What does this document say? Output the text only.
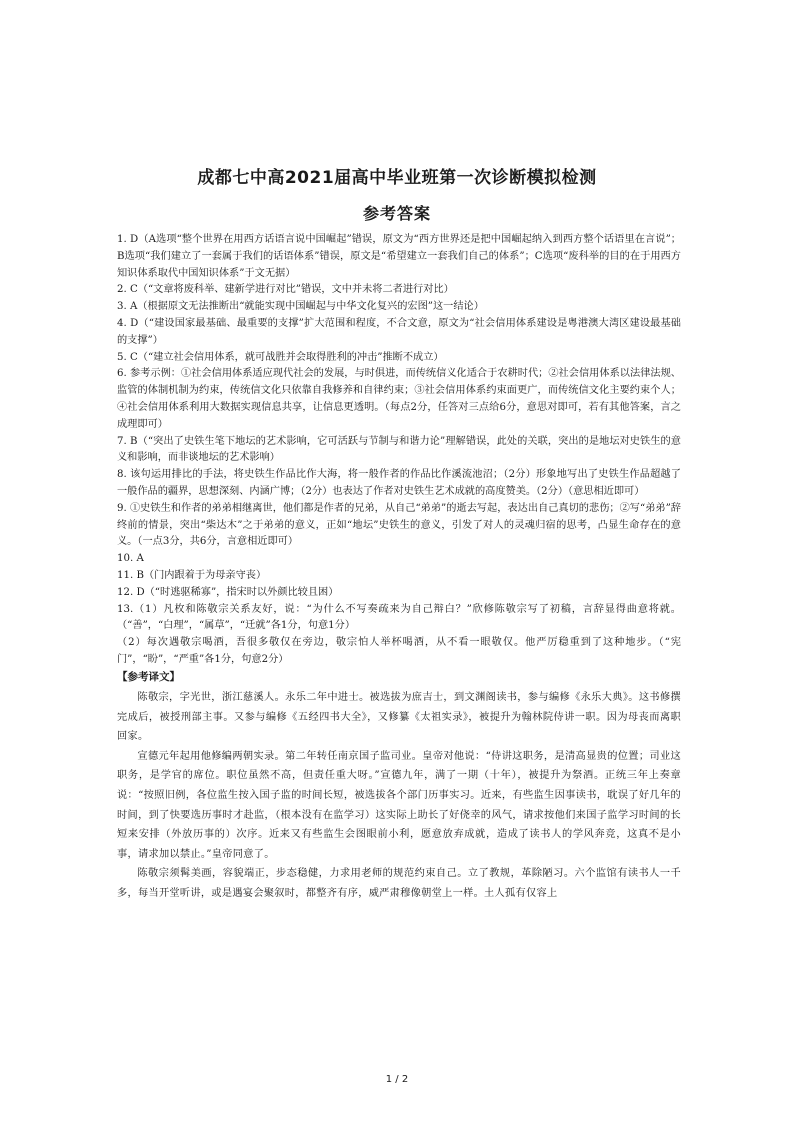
成都七中高2021届高中毕业班第一次诊断模拟检测
参考答案

1. D（A选项“整个世界在用西方话语言说中国崛起”错误，原文为“西方世界还是把中国崛起纳入到西方整个话语里在言说”；B选项“我们建立了一套属于我们的话语体系”错误，原文是“希望建立一套我们自己的体系”；C选项“废科举的目的在于用西方知识体系取代中国知识体系”于文无据）

2. C（“文章将废科举、建新学进行对比”错误，文中并未将二者进行对比）

3. A（根据原文无法推断出“就能实现中国崛起与中华文化复兴的宏图”这一结论）

4. D（“建设国家最基础、最重要的支撑”扩大范围和程度，不合文意，原文为“社会信用体系建设是粤港澳大湾区建设最基础的支撑”）

5. C（“建立社会信用体系，就可战胜并会取得胜利的冲击”推断不成立）

6. 参考示例：①社会信用体系适应现代社会的发展，与时俱进，而传统信义化适合于农耕时代；②社会信用体系以法律法规、监管的体制机制为约束，传统信文化只依靠自我修养和自律约束；③社会信用体系约束面更广，而传统信文化主要约束个人；④社会信用体系利用大数据实现信息共享，让信息更透明。（每点2分，任答对三点给6分，意思对即可，若有其他答案，言之成理即可）

7. B（“突出了史铁生笔下地坛的艺术影响，它可活跃与节制与和谐力论”理解错误，此处的关联，突出的是地坛对史铁生的意义和影响，而非谈地坛的艺术影响）

8. 该句运用排比的手法，将史铁生作品比作大海，将一般作者的作品比作溪流池沼；（2分）形象地写出了史铁生作品超越了一般作品的疆界，思想深刻、内涵广博；（2分）也表达了作者对史铁生艺术成就的高度赞美。（2分）（意思相近即可）

9. ①史铁生和作者的弟弟相继离世，他们都是作者的兄弟，从自己“弟弟”的逝去写起，表达出自己真切的悲伤；②写“弟弟”辞终前的情景，突出“柴达木”之于弟弟的意义，正如“地坛”史铁生的意义，引发了对人的灵魂归宿的思考，凸显生命存在的意义。（一点3分，共6分，言意相近即可）

10. A

11. B（门内跟着于为母亲守丧）

12. D（“时逃驱稀寡”，指宋时以外颜比较且困）

13.（1）凡枚和陈敬宗关系友好，说：“为什么不写奏疏来为自己辩白？”欣修陈敬宗写了初稿，言辞显得曲意将就。（“善”，“白理”，“属草”，“迁就”各1分，句意1分）

（2）每次遇敬宗喝酒，吾很多敬仅在旁边，敬宗怕人举杯喝酒，从不看一眼敬仅。他严厉稳重到了这种地步。（“宪门”，“盼”，“严重”各1分，句意2分）

【参考译文】

陈敬宗，字光世，浙江慈溪人。永乐二年中进士。被选拔为庶吉士，到文渊阁读书，参与编修《永乐大典》。这书修撰完成后，被授刑部主事。又参与编修《五经四书大全》，又修纂《太祖实录》，被提升为翰林院侍讲一职。因为母丧而离职回家。

宣德元年起用他修编两朝实录。第二年转任南京国子监司业。皇帝对他说：“侍讲这职务，是清高显贵的位置；司业这职务，是学官的席位。职位虽然不高，但责任重大呀。”宣德九年，满了一期（十年），被提升为祭酒。正统三年上奏章说：“按照旧例，各位监生按入国子监的时间长短，被选拔各个部门历事实习。近来，有些监生因事读书，耽误了好几年的时间，到了快要选历事时才赴监，（根本没有在监学习）这实际上助长了好侥幸的风气，请求按他们来国子监学习时间的长短来安排（外放历事的）次序。近来又有些监生会图眼前小利，愿意放弃成就，造成了读书人的学风奔竞，这真不是小事，请求加以禁止。”皇帝同意了。

陈敬宗须髯美画，容貌端正，步态稳健，力求用老师的规范约束自己。立了教规，革除陋习。六个监馆有读书人一千多，每当开堂听讲，或是遇宴会聚叙时，都整齐有序，威严肃穆像朝堂上一样。土人孤有仅容上

1 / 2
